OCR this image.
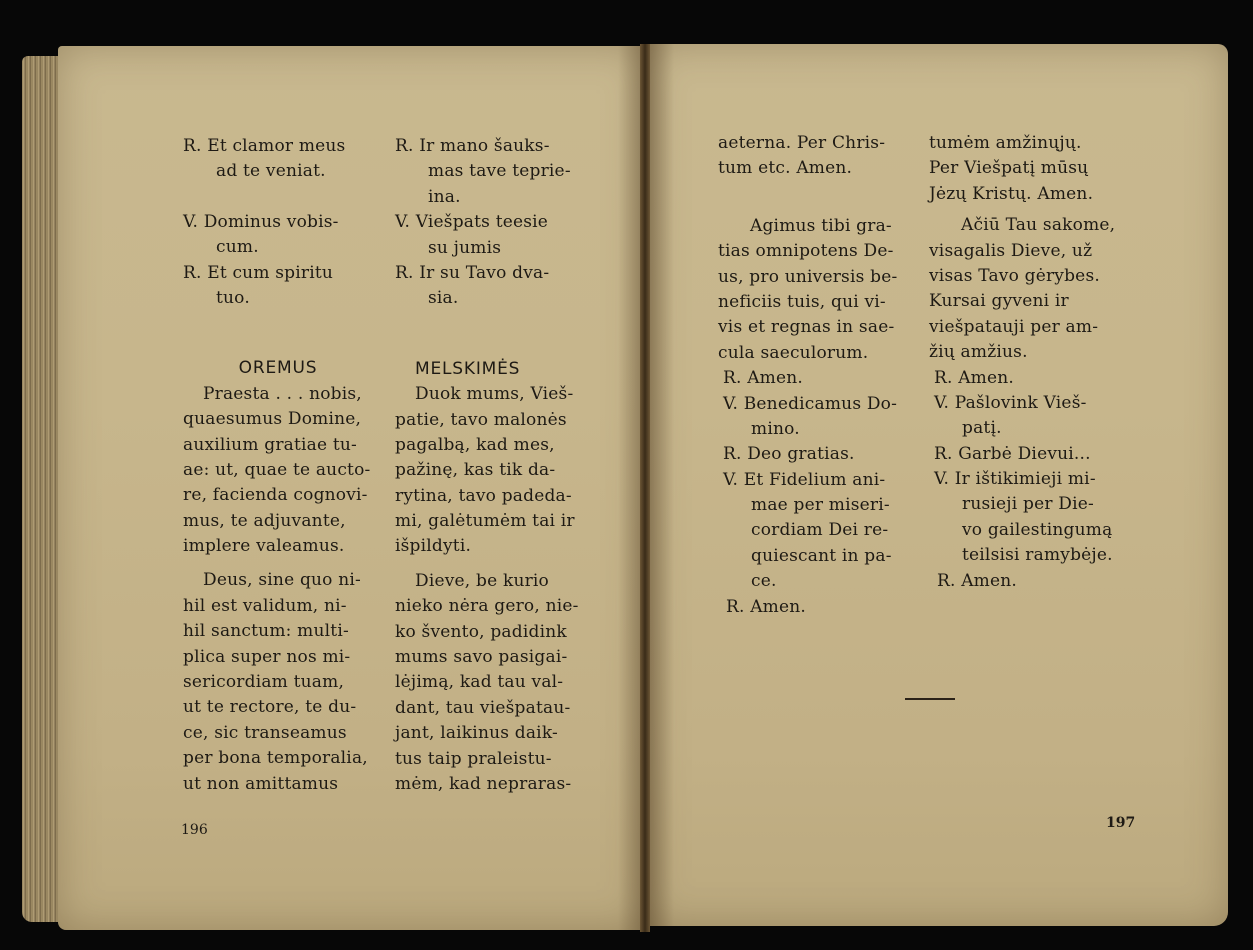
R. Et clamor meus
ad te veniat.
V. Dominus vobis-
cum.
R. Et cum spiritu
tuo.
OREMUS
Praesta . . . nobis,
quaesumus Domine,
auxilium gratiae tu-
ae: ut, quae te aucto-
re, facienda cognovi-
mus, te adjuvante,
implere valeamus.
Deus, sine quo ni-
hil est validum, ni-
hil sanctum: multi-
plica super nos mi-
sericordiam tuam,
ut te rectore, te du-
ce, sic transeamus
per bona temporalia,
ut non amittamus
R. Ir mano šauks-
mas tave teprie-
ina.
V. Viešpats teesie
su jumis
R. Ir su Tavo dva-
sia.
MELSKIMĖS
Duok mums, Vieš-
patie, tavo malonės
pagalbą, kad mes,
pažinę, kas tik da-
rytina, tavo padeda-
mi, galėtumėm tai ir
išpildyti.
Dieve, be kurio
nieko nėra gero, nie-
ko švento, padidink
mums savo pasigai-
lėjimą, kad tau val-
dant, tau viešpatau-
jant, laikinus daik-
tus taip praleistu-
mėm, kad nepraras-
196
aeterna. Per Chris-
tum etc. Amen.
Agimus tibi gra-
tias omnipotens De-
us, pro universis be-
neficiis tuis, qui vi-
vis et regnas in sae-
cula saeculorum.
R. Amen.
V. Benedicamus Do-
mino.
R. Deo gratias.
V. Et Fidelium ani-
mae per miseri-
cordiam Dei re-
quiescant in pa-
ce.
R. Amen.
tumėm amžinųjų.
Per Viešpatį mūsų
Jėzų Kristų. Amen.
Ačiū Tau sakome,
visagalis Dieve, už
visas Tavo gėrybes.
Kursai gyveni ir
viešpatauji per am-
žių amžius.
R. Amen.
V. Pašlovink Vieš-
patį.
R. Garbė Dievui...
V. Ir ištikimieji mi-
rusieji per Die-
vo gailestingumą
teilsisi ramybėje.
R. Amen.
197
